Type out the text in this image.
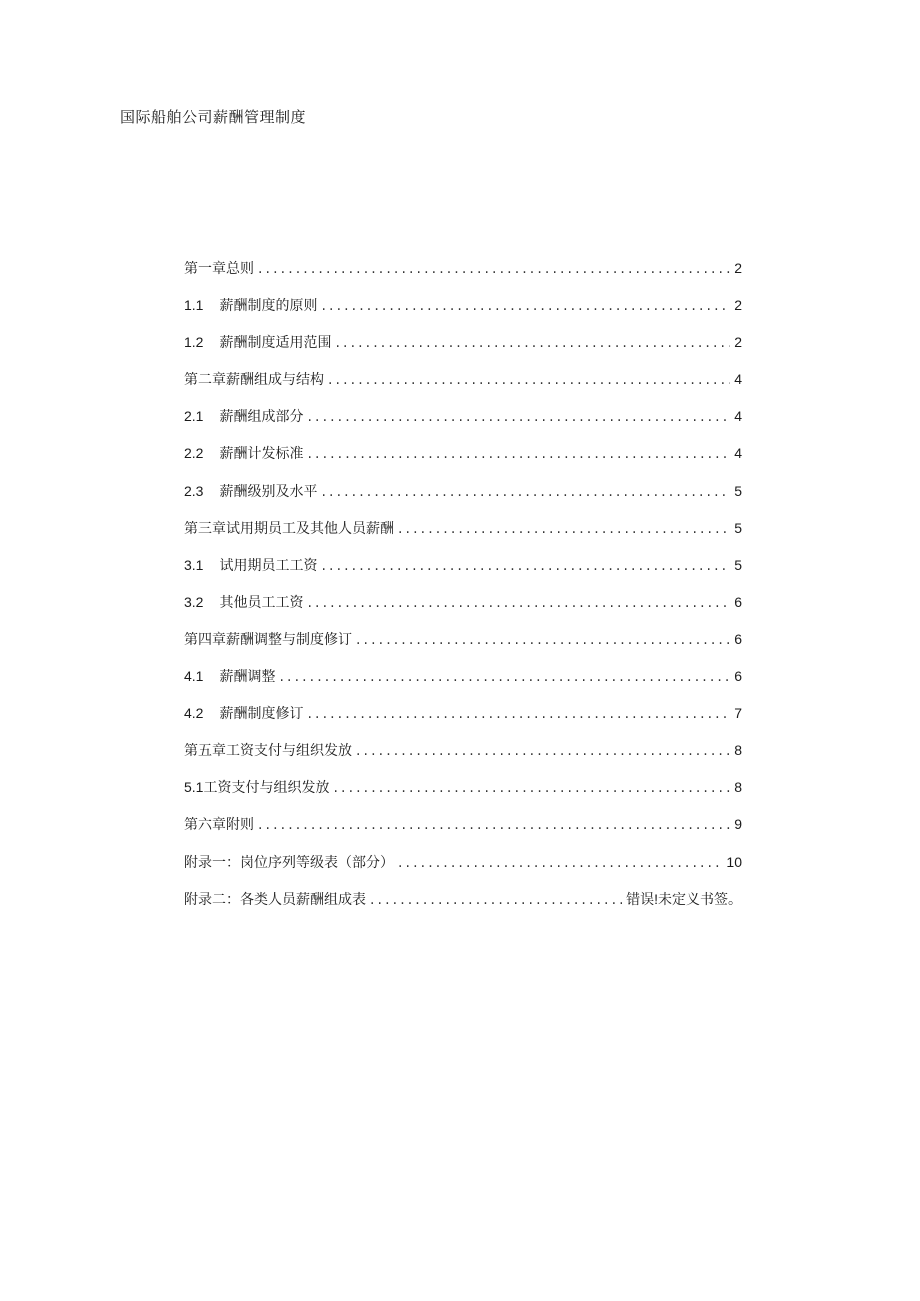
国际船舶公司薪酬管理制度
第一章总则 .....	2
1.1 薪酬制度的原则 .....	2
1.2 薪酬制度适用范围 .....	2
第二章薪酬组成与结构 .....	4
2.1 薪酬组成部分 .....	4
2.2 薪酬计发标准 .....	4
2.3 薪酬级别及水平 .....	5
第三章试用期员工及其他人员薪酬 .....	5
3.1 试用期员工工资 .....	5
3.2 其他员工工资 .....	6
第四章薪酬调整与制度修订 .....	6
4.1 薪酬调整 .....	6
4.2 薪酬制度修订 .....	7
第五章工资支付与组织发放 .....	8
5.1工资支付与组织发放 .....	8
第六章附则 .....	9
附录一：岗位序列等级表（部分） .....	10
附录二：各类人员薪酬组成表 .....	错误!未定义书签。
